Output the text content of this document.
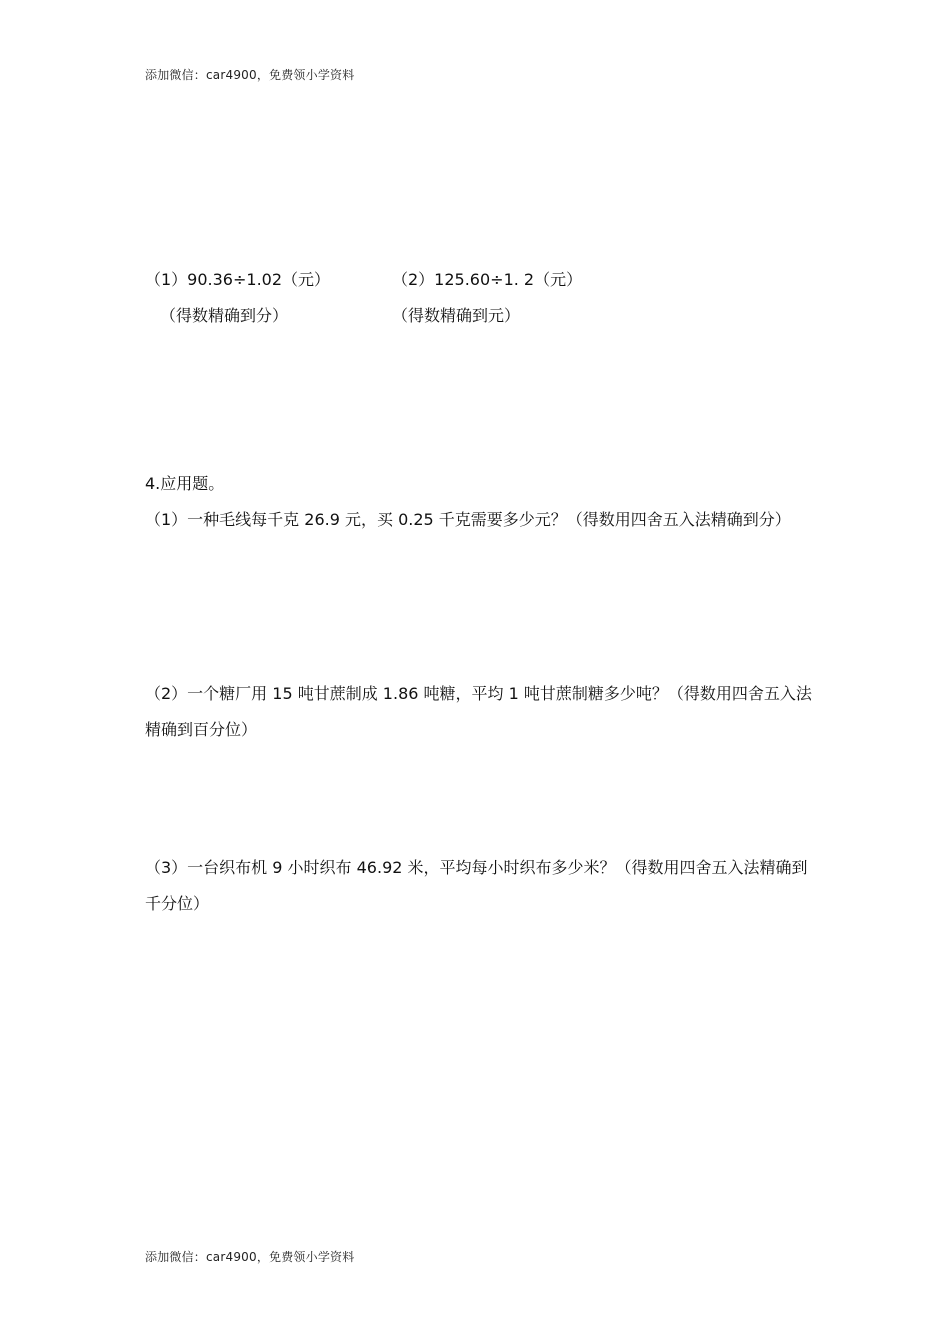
添加微信：car4900，免费领小学资料
（1）90.36÷1.02（元）
（得数精确到分）
（2）125.60÷1. 2（元）
（得数精确到元）
4.应用题。
（1）一种毛线每千克 26.9 元，买 0.25 千克需要多少元？（得数用四舍五入法精确到分）
（2）一个糖厂用 15 吨甘蔗制成 1.86 吨糖，平均 1 吨甘蔗制糖多少吨？（得数用四舍五入法精确到百分位）
（3）一台织布机 9 小时织布 46.92 米，平均每小时织布多少米？（得数用四舍五入法精确到千分位）
添加微信：car4900，免费领小学资料
